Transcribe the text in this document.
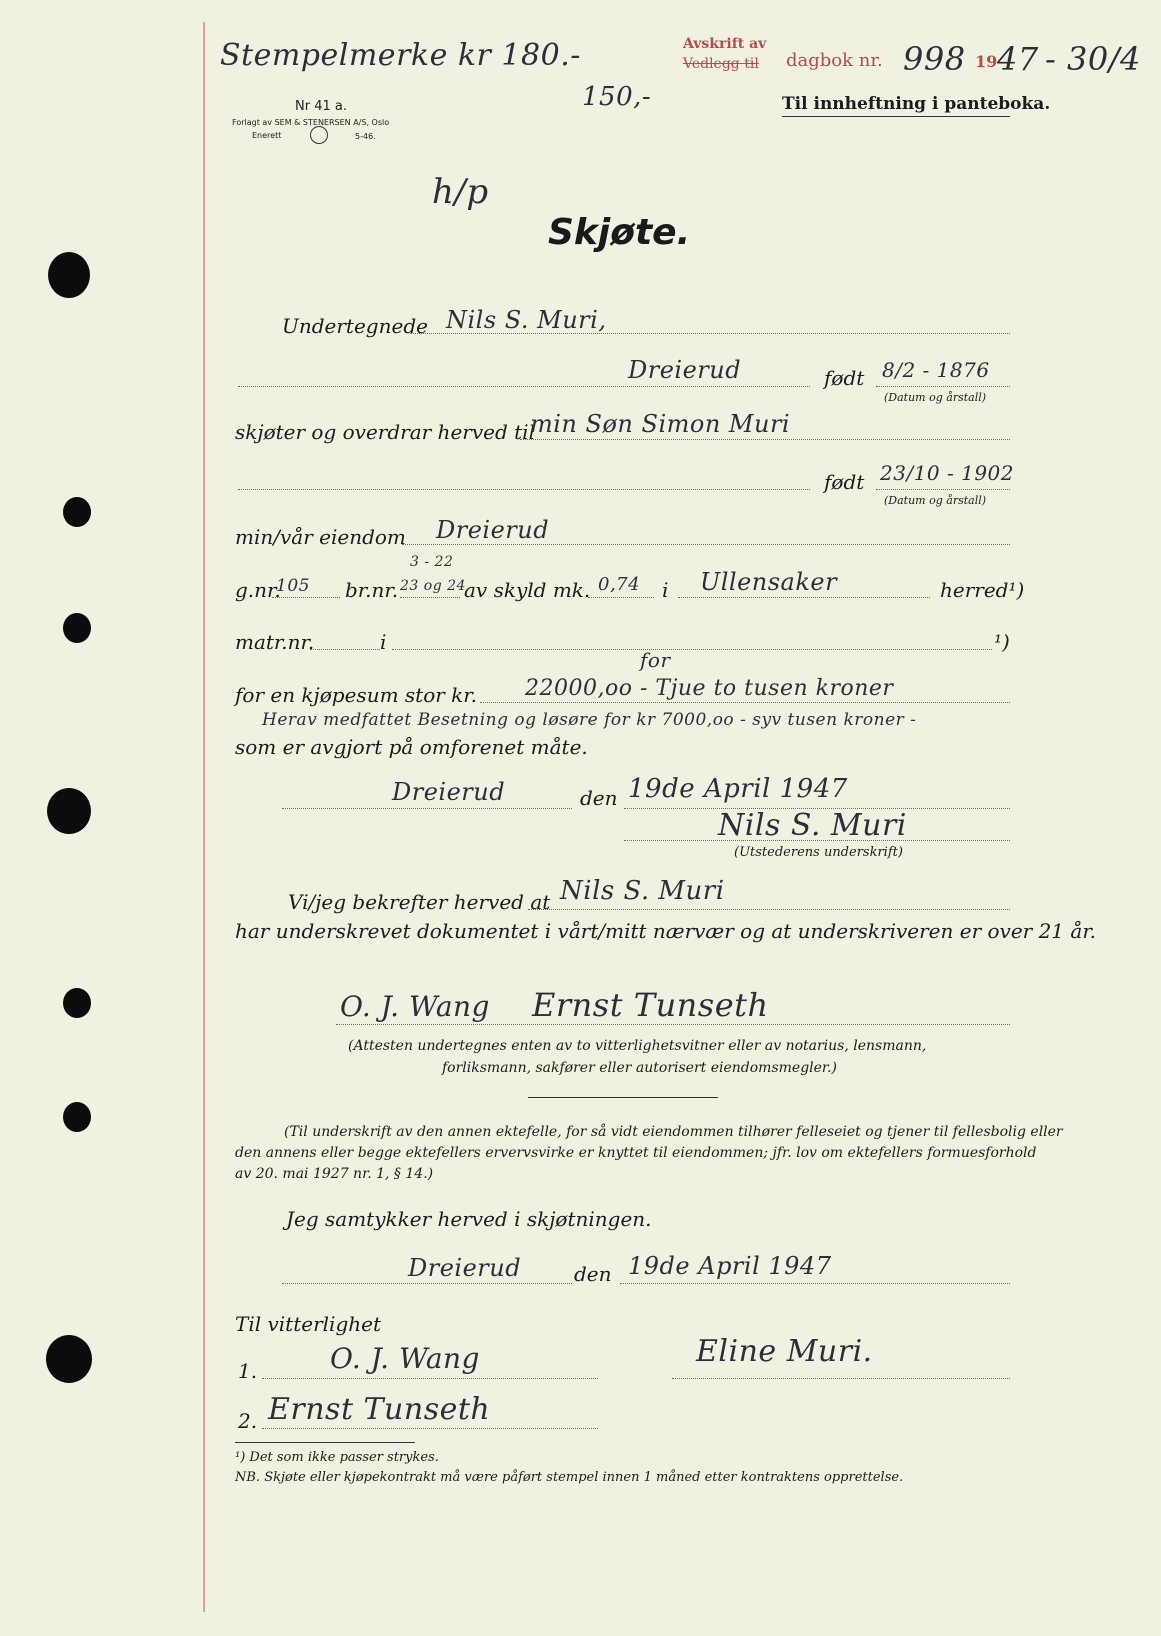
Stempelmerke kr 180.-
150,-
Avskrift av
Vedlegg til dagbok nr. 998 19 47 - 30/4
Nr 41 a.
Forlagt av SEM & STENERSEN A/S, Oslo
Enerett	5-46.
Til innheftning i panteboka.
h/p
Skjøte.
Undertegnede Nils S. Muri,
Dreierud	født 8/2 - 1876
(Datum og årstall)
skjøter og overdrar herved til
min Søn Simon Muri
født 23/10 - 1902
(Datum og årstall)
min/vår eiendom Dreierud
g.nr.
105 br.nr. 23 og 24
3 - 22
av skyld mk. 0,74 i Ullensaker	herred¹)
matr.nr.	i	¹)
for en kjøpesum stor kr.
for
22000,oo - Tjue to tusen kroner
Herav medfattet Besetning og løsøre for kr 7000,oo - syv tusen kroner -
som er avgjort på omforenet måte.
Dreierud	den 19de April 1947
Nils S. Muri
(Utstederens underskrift)
Vi/jeg bekrefter herved at Nils S. Muri
har underskrevet dokumentet i vårt/mitt nærvær og at underskriveren er over 21 år.
O. J. Wang Ernst Tunseth
(Attesten undertegnes enten av to vitterlighetsvitner eller av notarius, lensmann,
forliksmann, sakfører eller autorisert eiendomsmegler.)
(Til underskrift av den annen ektefelle, for så vidt eiendommen tilhører felleseiet og tjener til fellesbolig eller
den annens eller begge ektefellers ervervsvirke er knyttet til eiendommen; jfr. lov om ektefellers formuesforhold
av 20. mai 1927 nr. 1, § 14.)
Jeg samtykker herved i skjøtningen.
Dreierud	den 19de April 1947
Til vitterlighet
1.	O. J. Wang	Eline Muri.
2. Ernst Tunseth
¹) Det som ikke passer strykes.
NB. Skjøte eller kjøpekontrakt må være påført stempel innen 1 måned etter kontraktens opprettelse.
